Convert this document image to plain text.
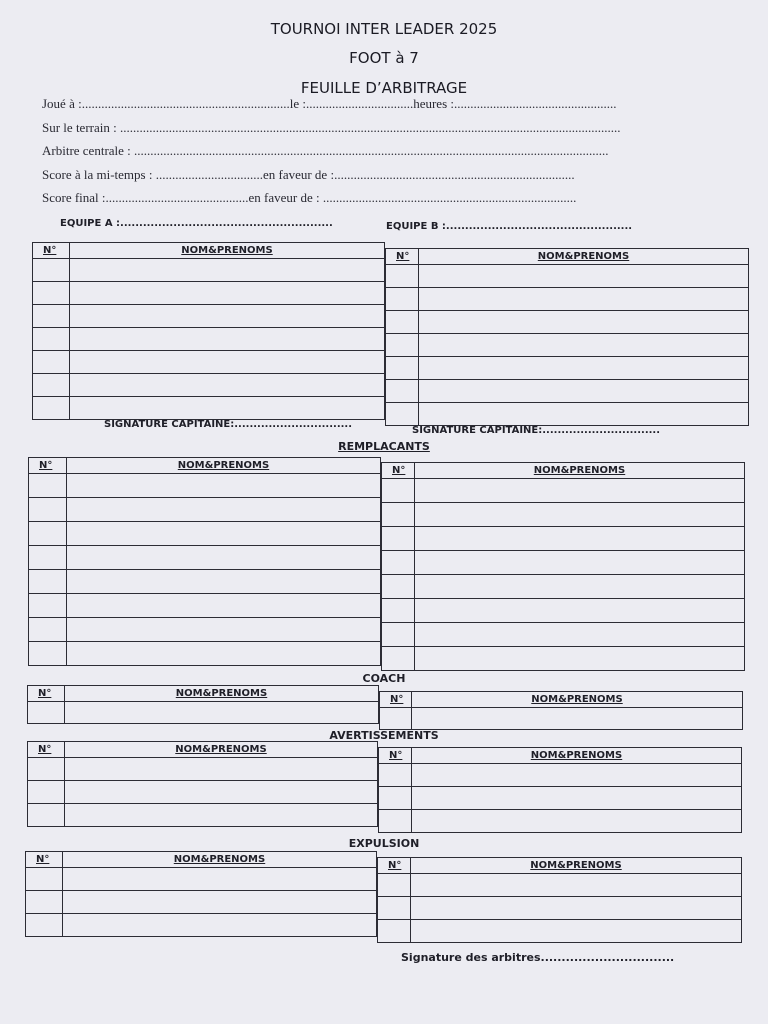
TOURNOI INTER LEADER 2025
FOOT à 7
FEUILLE D’ARBITRAGE
Joué à :................................................................le :.................................heures :..................................................
Sur le terrain : ..........................................................................................................................................................
Arbitre centrale : ..................................................................................................................................................
Score à la mi-temps : .................................en faveur de :..........................................................................
Score final :............................................en faveur de : ..............................................................................
EQUIPE A :........................................................	EQUIPE B :.................................................
N°	NOM&PRENOMS

N°	NOM&PRENOMS

SIGNATURE CAPITAINE:...............................
SIGNATURE CAPITAINE:...............................
REMPLACANTS
N°	NOM&PRENOMS

		N°	NOM&PRENOMS

COACH
N°	NOM&PRENOMS

N°	NOM&PRENOMS

AVERTISSEMENTS
N°	NOM&PRENOMS

N°	NOM&PRENOMS

EXPULSION
N°	NOM&PRENOMS

N°	NOM&PRENOMS

Signature des arbitres................................
